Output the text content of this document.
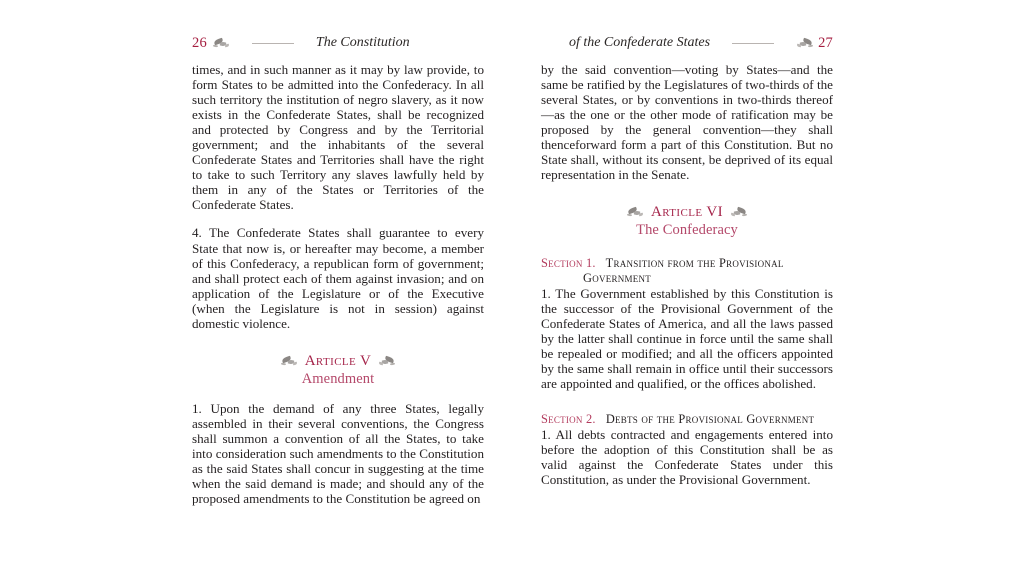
26	The Constitution	of the Confederate States	27

times, and in such manner as it may by law provide, to form States to be admitted into the Confederacy. In all such territory the institution of negro slavery, as it now exists in the Confederate States, shall be recognized and protected by Congress and by the Territorial government; and the inhabitants of the several Confederate States and Territories shall have the right to take to such Territory any slaves lawfully held by them in any of the States or Territories of the Confederate States.

4. The Confederate States shall guarantee to every State that now is, or hereafter may become, a member of this Confederacy, a republican form of government; and shall protect each of them against invasion; and on application of the Legislature or of the Executive (when the Legislature is not in session) against domestic violence.

Article V
Amendment

1. Upon the demand of any three States, legally assembled in their several conventions, the Congress shall summon a convention of all the States, to take into consideration such amendments to the Constitution as the said States shall concur in suggesting at the time when the said demand is made; and should any of the proposed amendments to the Constitution be agreed on

by the said convention—voting by States—and the same be ratified by the Legislatures of two-thirds of the several States, or by conventions in two-thirds thereof—as the one or the other mode of ratification may be proposed by the general convention—they shall thenceforward form a part of this Constitution. But no State shall, without its consent, be deprived of its equal representation in the Senate.

Article VI
The Confederacy
Section 1. Transition from the Provisional
Government

1. The Government established by this Constitution is the successor of the Provisional Government of the Confederate States of America, and all the laws passed by the latter shall continue in force until the same shall be repealed or modified; and all the officers appointed by the same shall remain in office until their successors are appointed and qualified, or the offices abolished.

Section 2. Debts of the Provisional Government

1. All debts contracted and engagements entered into before the adoption of this Constitution shall be as valid against the Confederate States under this Constitution, as under the Provisional Government.
